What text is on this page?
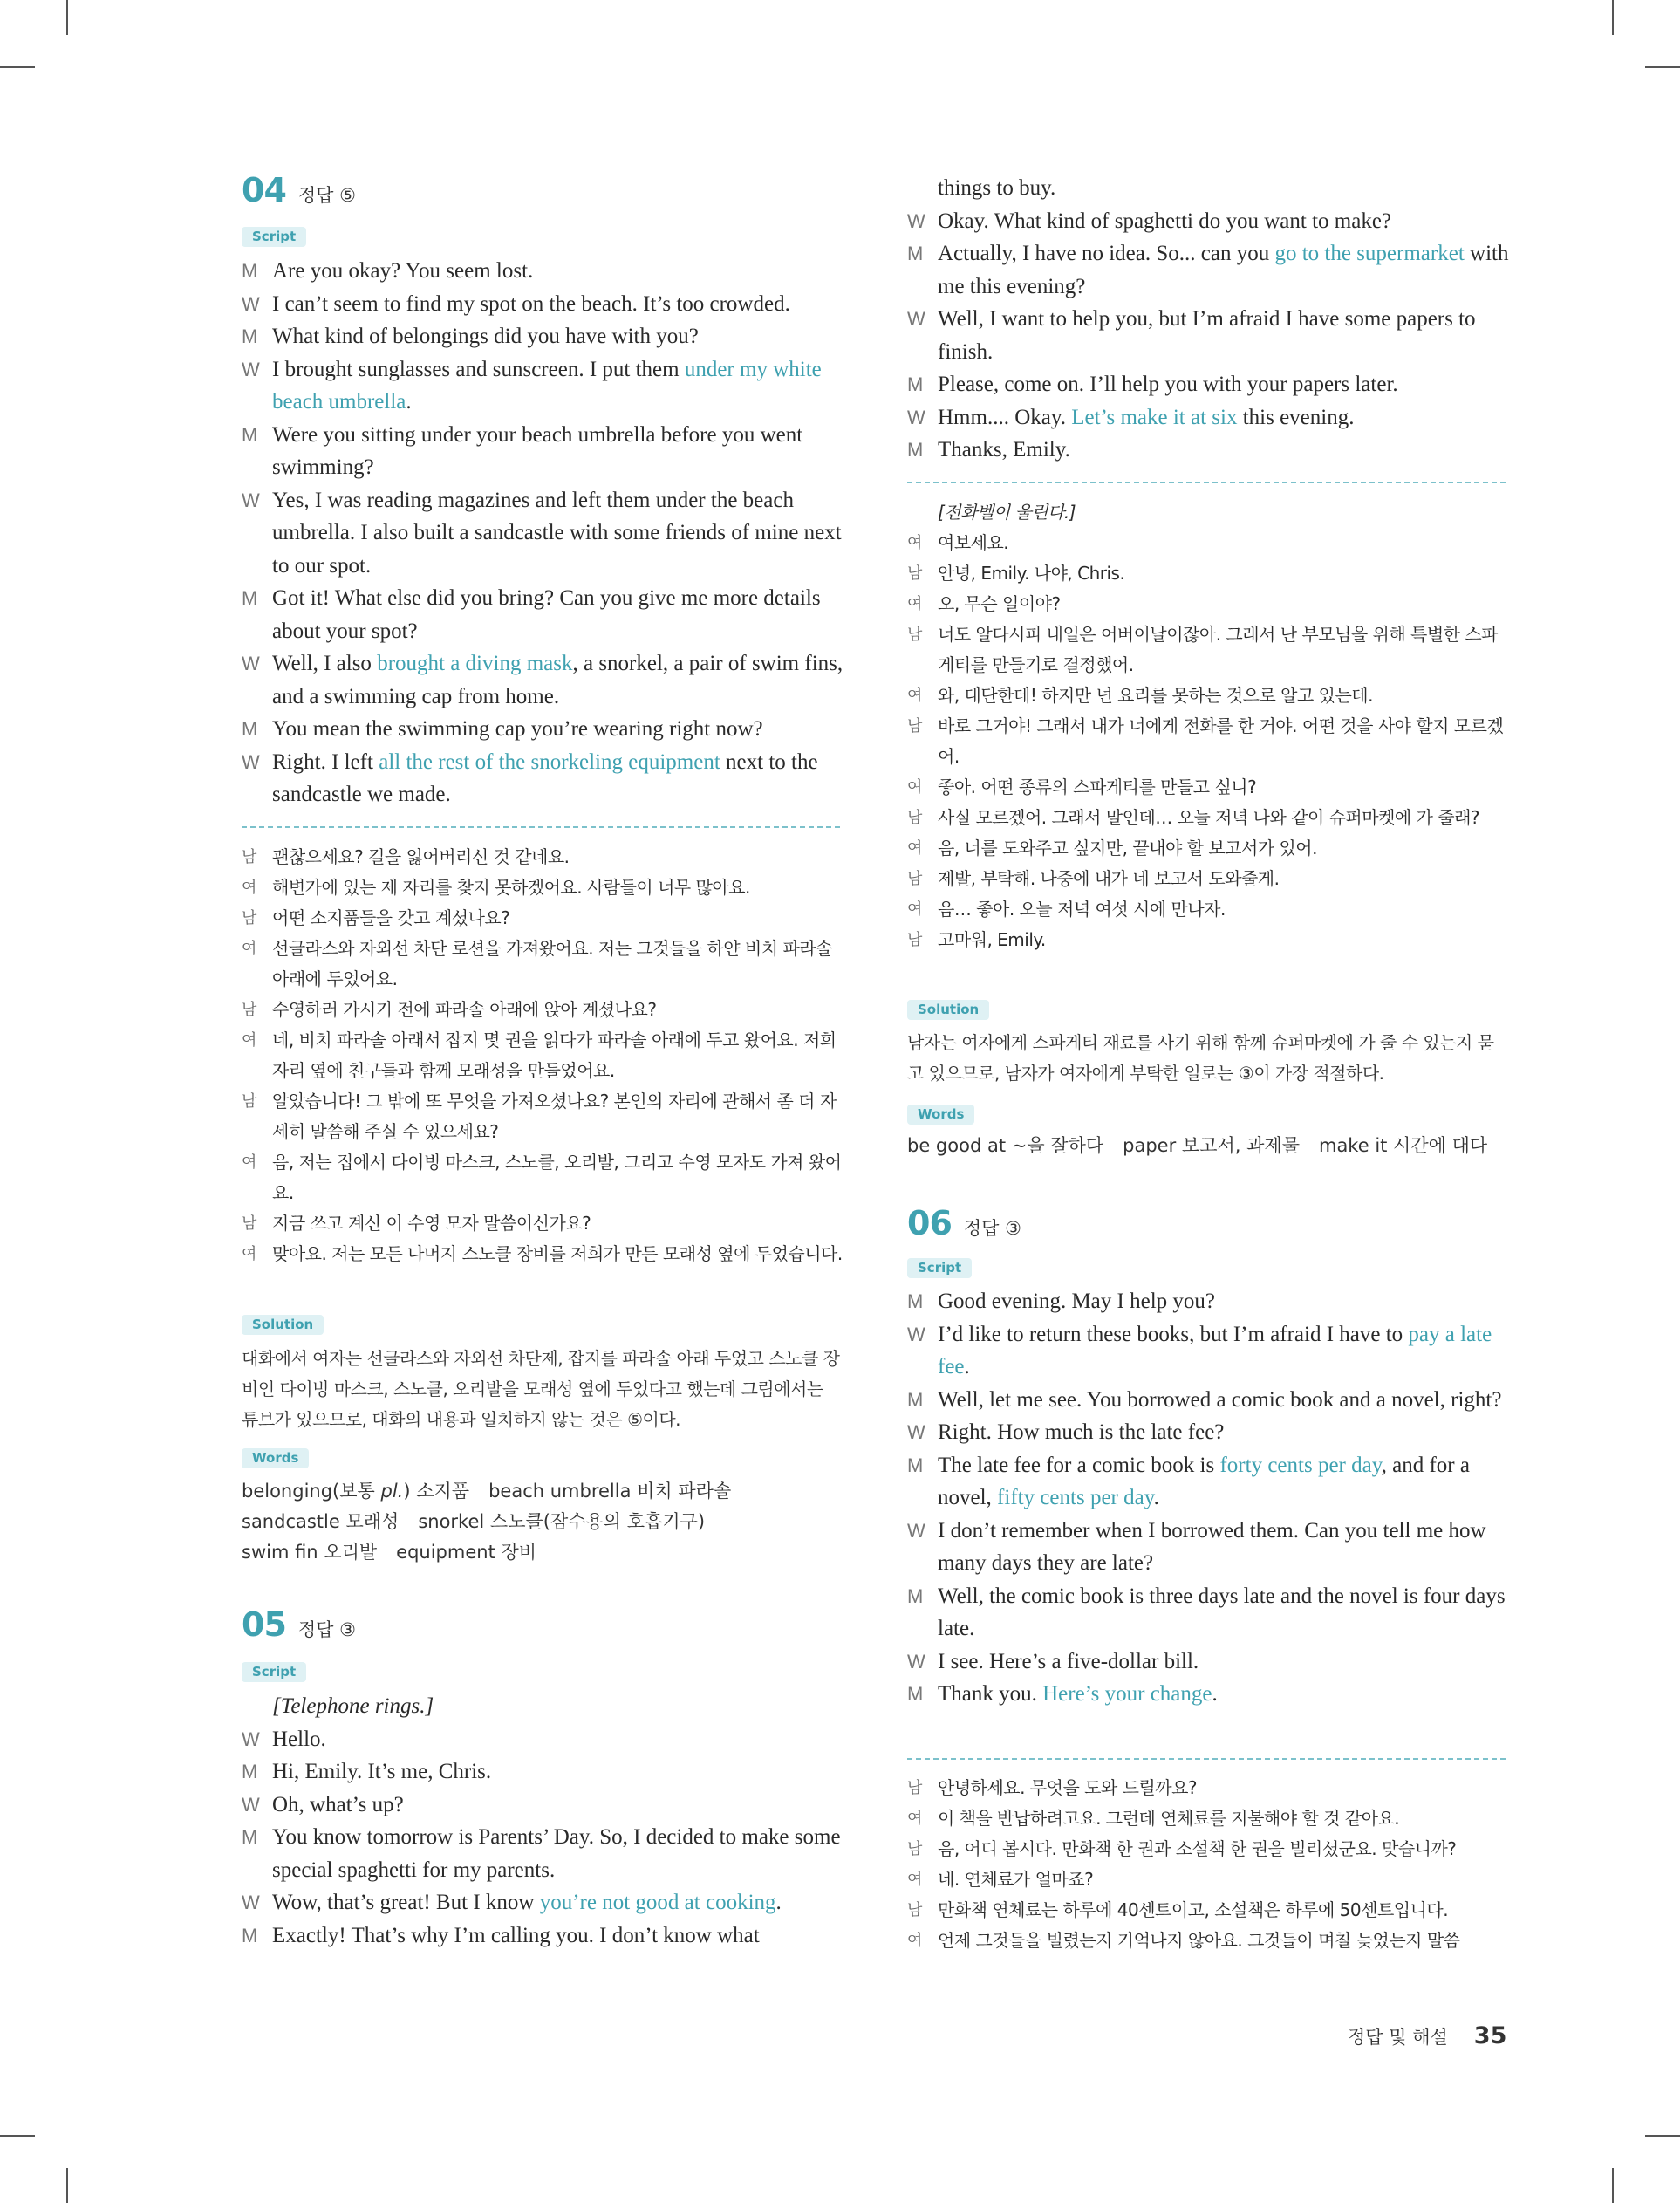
04 정답 ⑤
Script
M Are you okay? You seem lost.
W I can’t seem to find my spot on the beach. It’s too crowded.
M What kind of belongings did you have with you?
W I brought sunglasses and sunscreen. I put them under my white beach umbrella.
M Were you sitting under your beach umbrella before you went swimming?
W Yes, I was reading magazines and left them under the beach umbrella. I also built a sandcastle with some friends of mine next to our spot.
M Got it! What else did you bring? Can you give me more details about your spot?
W Well, I also brought a diving mask, a snorkel, a pair of swim fins, and a swimming cap from home.
M You mean the swimming cap you’re wearing right now?
W Right. I left all the rest of the snorkeling equipment next to the sandcastle we made.
남 괜찮으세요? 길을 잃어버리신 것 같네요.
여 해변가에 있는 제 자리를 찾지 못하겠어요. 사람들이 너무 많아요.
남 어떤 소지품들을 갖고 계셨나요?
여 선글라스와 자외선 차단 로션을 가져왔어요. 저는 그것들을 하얀 비치 파라솔 아래에 두었어요.
남 수영하러 가시기 전에 파라솔 아래에 앉아 계셨나요?
여 네, 비치 파라솔 아래서 잡지 몇 권을 읽다가 파라솔 아래에 두고 왔어요. 저희 자리 옆에 친구들과 함께 모래성을 만들었어요.
남 알았습니다! 그 밖에 또 무엇을 가져오셨나요? 본인의 자리에 관해서 좀 더 자세히 말씀해 주실 수 있으세요?
여 음, 저는 집에서 다이빙 마스크, 스노클, 오리발, 그리고 수영 모자도 가져 왔어요.
남 지금 쓰고 계신 이 수영 모자 말씀이신가요?
여 맞아요. 저는 모든 나머지 스노클 장비를 저희가 만든 모래성 옆에 두었습니다.
Solution

대화에서 여자는 선글라스와 자외선 차단제, 잡지를 파라솔 아래 두었고 스노클 장비인 다이빙 마스크, 스노클, 오리발을 모래성 옆에 두었다고 했는데 그림에서는 튜브가 있으므로, 대화의 내용과 일치하지 않는 것은 ⑤이다.

Words
belonging(보통 pl.) 소지품 beach umbrella 비치 파라솔
sandcastle 모래성 snorkel 스노클(잠수용의 호흡기구)
swim fin 오리발 equipment 장비
05 정답 ③
Script
[Telephone rings.]
W Hello.
M Hi, Emily. It’s me, Chris.
W Oh, what’s up?
M You know tomorrow is Parents’ Day. So, I decided to make some special spaghetti for my parents.
W Wow, that’s great! But I know you’re not good at cooking.
M Exactly! That’s why I’m calling you. I don’t know what
things to buy.
W Okay. What kind of spaghetti do you want to make?
M Actually, I have no idea. So... can you go to the supermarket with me this evening?
W Well, I want to help you, but I’m afraid I have some papers to finish.
M Please, come on. I’ll help you with your papers later.
W Hmm.... Okay. Let’s make it at six this evening.
M Thanks, Emily.
[전화벨이 울린다.]
여 여보세요.
남 안녕, Emily. 나야, Chris.
여 오, 무슨 일이야?
남 너도 알다시피 내일은 어버이날이잖아. 그래서 난 부모님을 위해 특별한 스파게티를 만들기로 결정했어.
여 와, 대단한데! 하지만 넌 요리를 못하는 것으로 알고 있는데.
남 바로 그거야! 그래서 내가 너에게 전화를 한 거야. 어떤 것을 사야 할지 모르겠어.
여 좋아. 어떤 종류의 스파게티를 만들고 싶니?
남 사실 모르겠어. 그래서 말인데… 오늘 저녁 나와 같이 슈퍼마켓에 가 줄래?
여 음, 너를 도와주고 싶지만, 끝내야 할 보고서가 있어.
남 제발, 부탁해. 나중에 내가 네 보고서 도와줄게.
여 음… 좋아. 오늘 저녁 여섯 시에 만나자.
남 고마워, Emily.
Solution

남자는 여자에게 스파게티 재료를 사기 위해 함께 슈퍼마켓에 가 줄 수 있는지 묻고 있으므로, 남자가 여자에게 부탁한 일로는 ③이 가장 적절하다.

Words
be good at ~을 잘하다 paper 보고서, 과제물 make it 시간에 대다
06 정답 ③
Script
M Good evening. May I help you?
W I’d like to return these books, but I’m afraid I have to pay a late fee.
M Well, let me see. You borrowed a comic book and a novel, right?
W Right. How much is the late fee?
M The late fee for a comic book is forty cents per day, and for a novel, fifty cents per day.
W I don’t remember when I borrowed them. Can you tell me how many days they are late?
M Well, the comic book is three days late and the novel is four days late.
W I see. Here’s a five-dollar bill.
M Thank you. Here’s your change.
남 안녕하세요. 무엇을 도와 드릴까요?
여 이 책을 반납하려고요. 그런데 연체료를 지불해야 할 것 같아요.
남 음, 어디 봅시다. 만화책 한 권과 소설책 한 권을 빌리셨군요. 맞습니까?
여 네. 연체료가 얼마죠?
남 만화책 연체료는 하루에 40센트이고, 소설책은 하루에 50센트입니다.
여 언제 그것들을 빌렸는지 기억나지 않아요. 그것들이 며칠 늦었는지 말씀
정답 및 해설 35
